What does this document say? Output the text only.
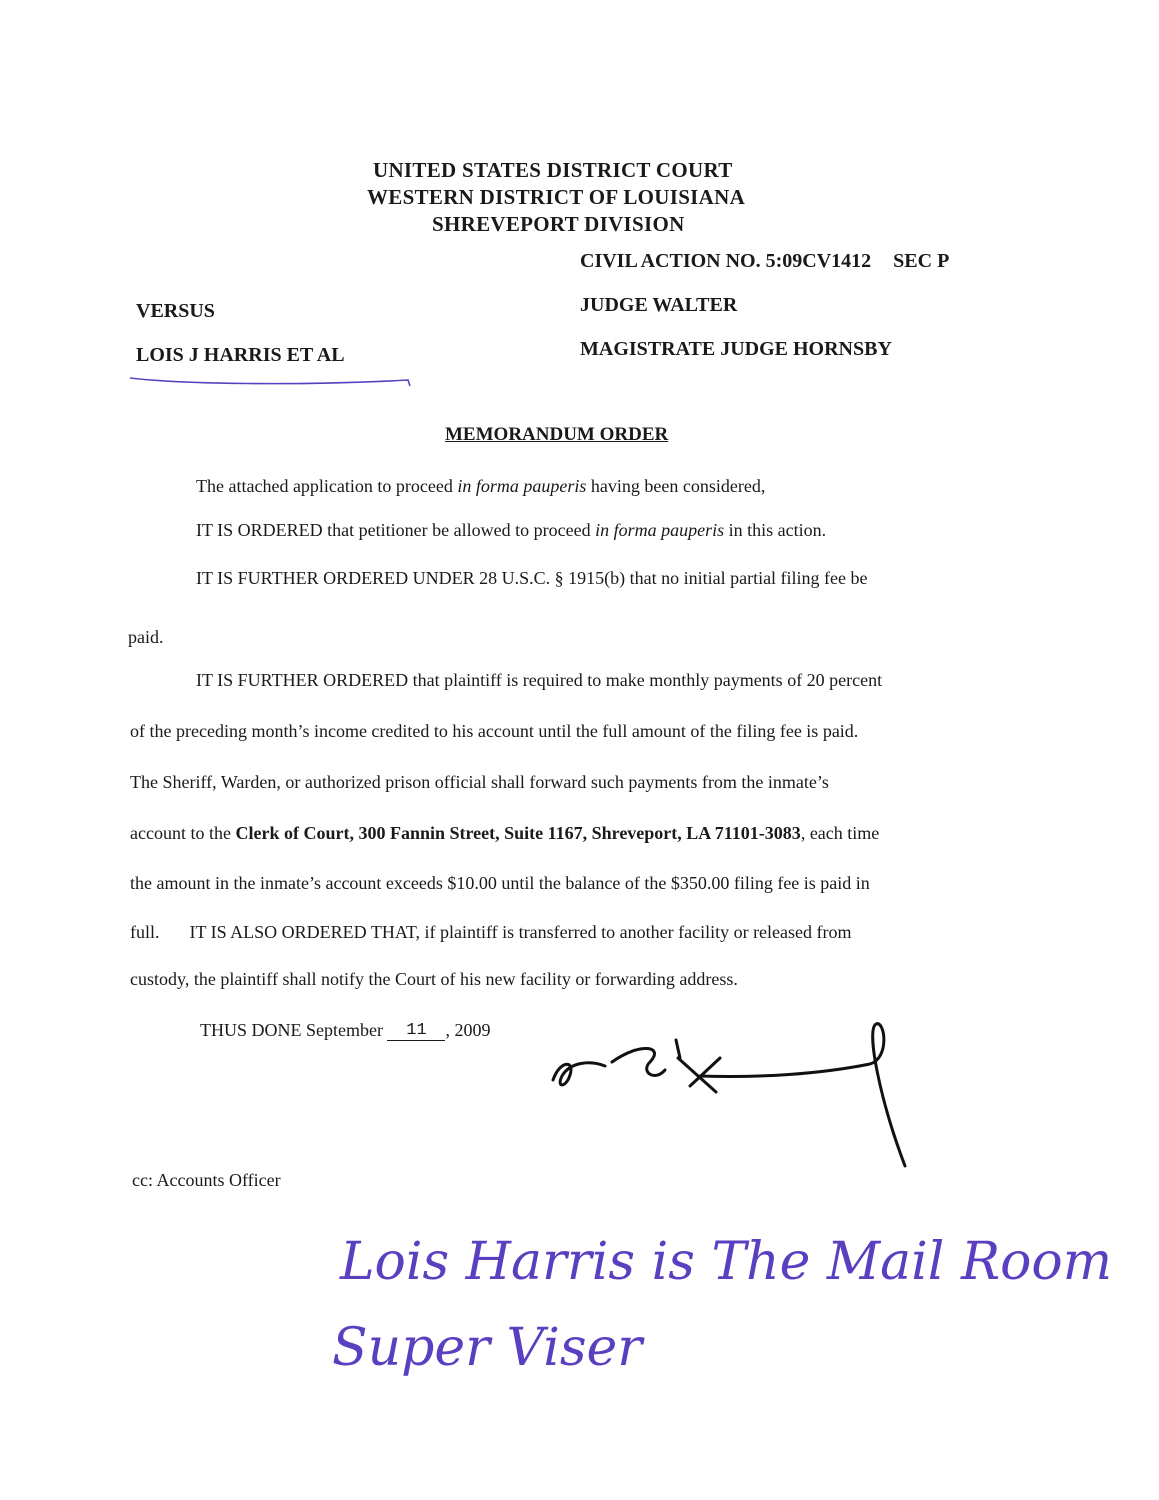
UNITED STATES DISTRICT COURT
WESTERN DISTRICT OF LOUISIANA
SHREVEPORT DIVISION
CIVIL ACTION NO. 5:09CV1412 SEC P
VERSUS	JUDGE WALTER
LOIS J HARRIS ET AL	MAGISTRATE JUDGE HORNSBY
MEMORANDUM ORDER
The attached application to proceed in forma pauperis having been considered,
IT IS ORDERED that petitioner be allowed to proceed in forma pauperis in this action.
IT IS FURTHER ORDERED UNDER 28 U.S.C. § 1915(b) that no initial partial filing fee be
paid.
IT IS FURTHER ORDERED that plaintiff is required to make monthly payments of 20 percent
of the preceding month’s income credited to his account until the full amount of the filing fee is paid.
The Sheriff, Warden, or authorized prison official shall forward such payments from the inmate’s
account to the Clerk of Court, 300 Fannin Street, Suite 1167, Shreveport, LA 71101-3083, each time
the amount in the inmate’s account exceeds $10.00 until the balance of the $350.00 filing fee is paid in
full. IT IS ALSO ORDERED THAT, if plaintiff is transferred to another facility or released from
custody, the plaintiff shall notify the Court of his new facility or forwarding address.
THUS DONE September 11 , 2009
cc: Accounts Officer
Lois Harris is The Mail Room
Super Viser
